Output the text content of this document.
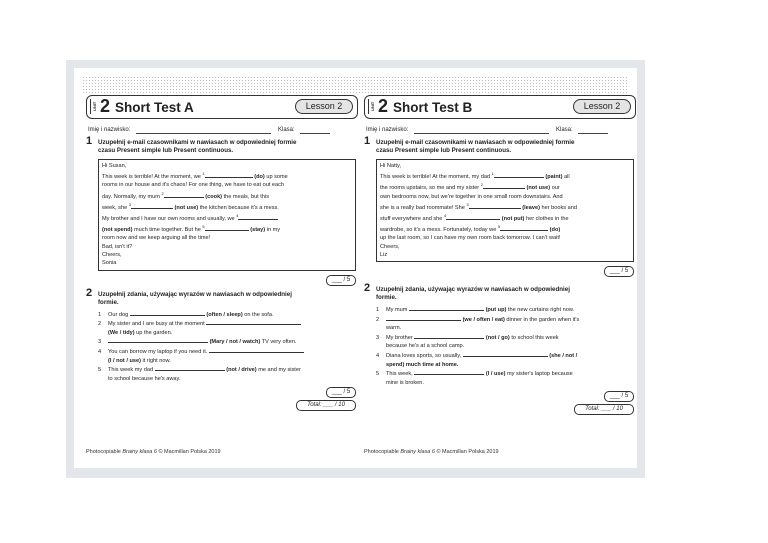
UNIT 2 Short Test A	Lesson 2
Imię i nazwisko:	Klasa:
1 Uzupełnij e-mail czasownikami w nawiasach w odpowiedniej formie
czasu Present simple lub Present continuous.
Hi Susan,
This week is terrible! At the moment, we $^1$ (do) up some
rooms in our house and it's chaos! For one thing, we have to eat out each
day. Normally, my mum $^2$ (cook) the meals, but this
week, she $^3$ (not use) the kitchen because it's a mess.
My brother and I have our own rooms and usually, we $^4$
(not spend) much time together. But he $^5$ (stay) in my
room now and we keep arguing all the time!
Bad, isn't it?
Cheers,
Sonia
___ / 5
2 Uzupełnij zdania, używając wyrazów w nawiasach w odpowiedniej
formie.
1 Our dog	(often / sleep) on the sofa.
2 My sister and I are busy at the moment
(We / tidy) up the garden.
3	(Mary / not / watch) TV very often.
4 You can borrow my laptop if you need it.
(I / not / use) it right now.
5 This week my dad	(not / drive) me and my sister
to school because he's away.
___ / 5
Total: ___ / 10
Photocopiable Brainy klasa 6 © Macmillan Polska 2019
UNIT 2 Short Test B	Lesson 2
Imię i nazwisko:	Klasa:
1 Uzupełnij e-mail czasownikami w nawiasach w odpowiedniej formie
czasu Present simple lub Present continuous.
Hi Natty,
This week is terrible! At the moment, my dad $^1$ (paint) all
the rooms upstairs, so me and my sister $^2$ (not use) our
own bedrooms now, but we're together in one small room downstairs. And
she is a really bad roommate! She $^3$ (leave) her books and
stuff everywhere and she $^4$ (not put) her clothes in the
wardrobe, so it's a mess. Fortunately, today we $^5$ (do)
up the last room, so I can have my own room back tomorrow. I can't wait!
Cheers,
Liz
___ / 5
2 Uzupełnij zdania, używając wyrazów w nawiasach w odpowiedniej
formie.
1 My mum	(put up) the new curtains right now.
2	(we / often / eat) dinner in the garden when it's
warm.
3 My brother	(not / go) to school this week
because he's at a school camp.
4 Diana loves sports, so usually,	(she / not /
spend) much time at home.
5 This week,	(I / use) my sister's laptop because
mine is broken.
___ / 5
Total: ___ / 10
Photocopiable Brainy klasa 6 © Macmillan Polska 2019
